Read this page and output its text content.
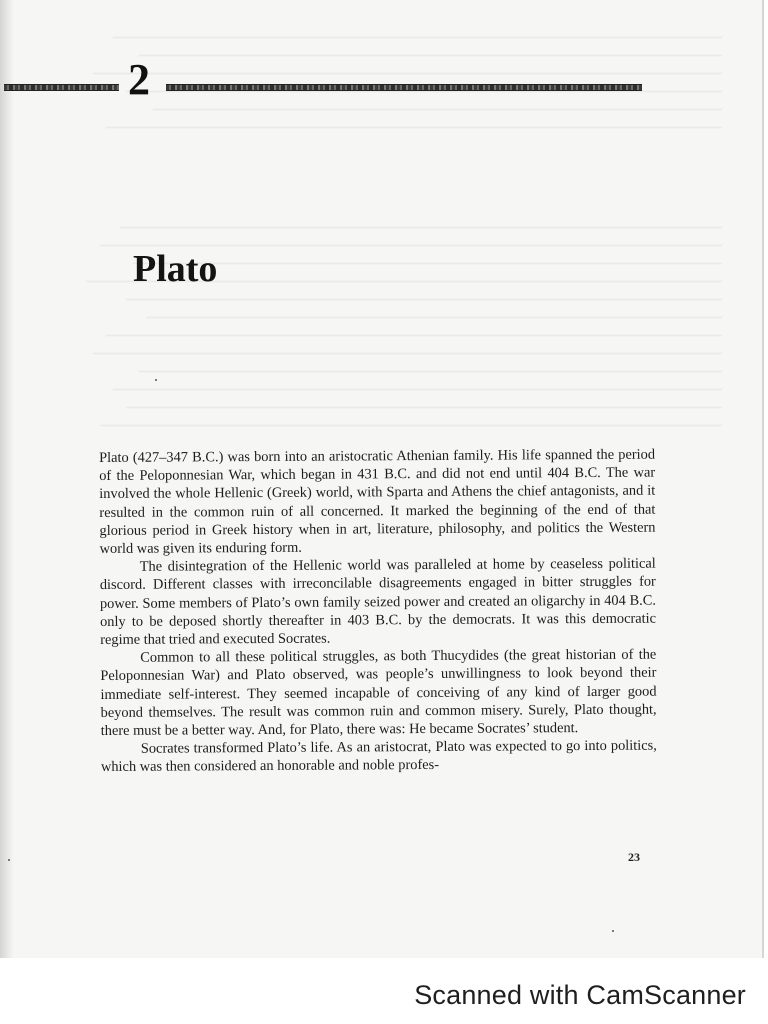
2
Plato

Plato (427–347 B.C.) was born into an aristocratic Athenian family. His life spanned the period of the Peloponnesian War, which began in 431 B.C. and did not end until 404 B.C. The war involved the whole Hellenic (Greek) world, with Sparta and Athens the chief antagonists, and it resulted in the common ruin of all concerned. It marked the beginning of the end of that glorious period in Greek history when in art, literature, philosophy, and politics the Western world was given its enduring form.

The disintegration of the Hellenic world was paralleled at home by ceaseless political discord. Different classes with irreconcilable disagreements engaged in bitter struggles for power. Some members of Plato’s own family seized power and created an oligarchy in 404 B.C. only to be deposed shortly thereafter in 403 B.C. by the democrats. It was this democratic regime that tried and executed Socrates.

Common to all these political struggles, as both Thucydides (the great historian of the Peloponnesian War) and Plato observed, was people’s unwillingness to look beyond their immediate self-interest. They seemed incapable of conceiving of any kind of larger good beyond themselves. The result was common ruin and common misery. Surely, Plato thought, there must be a better way. And, for Plato, there was: He became Socrates’ student.

Socrates transformed Plato’s life. As an aristocrat, Plato was expected to go into politics, which was then considered an honorable and noble profes-

23
Scanned with CamScanner
